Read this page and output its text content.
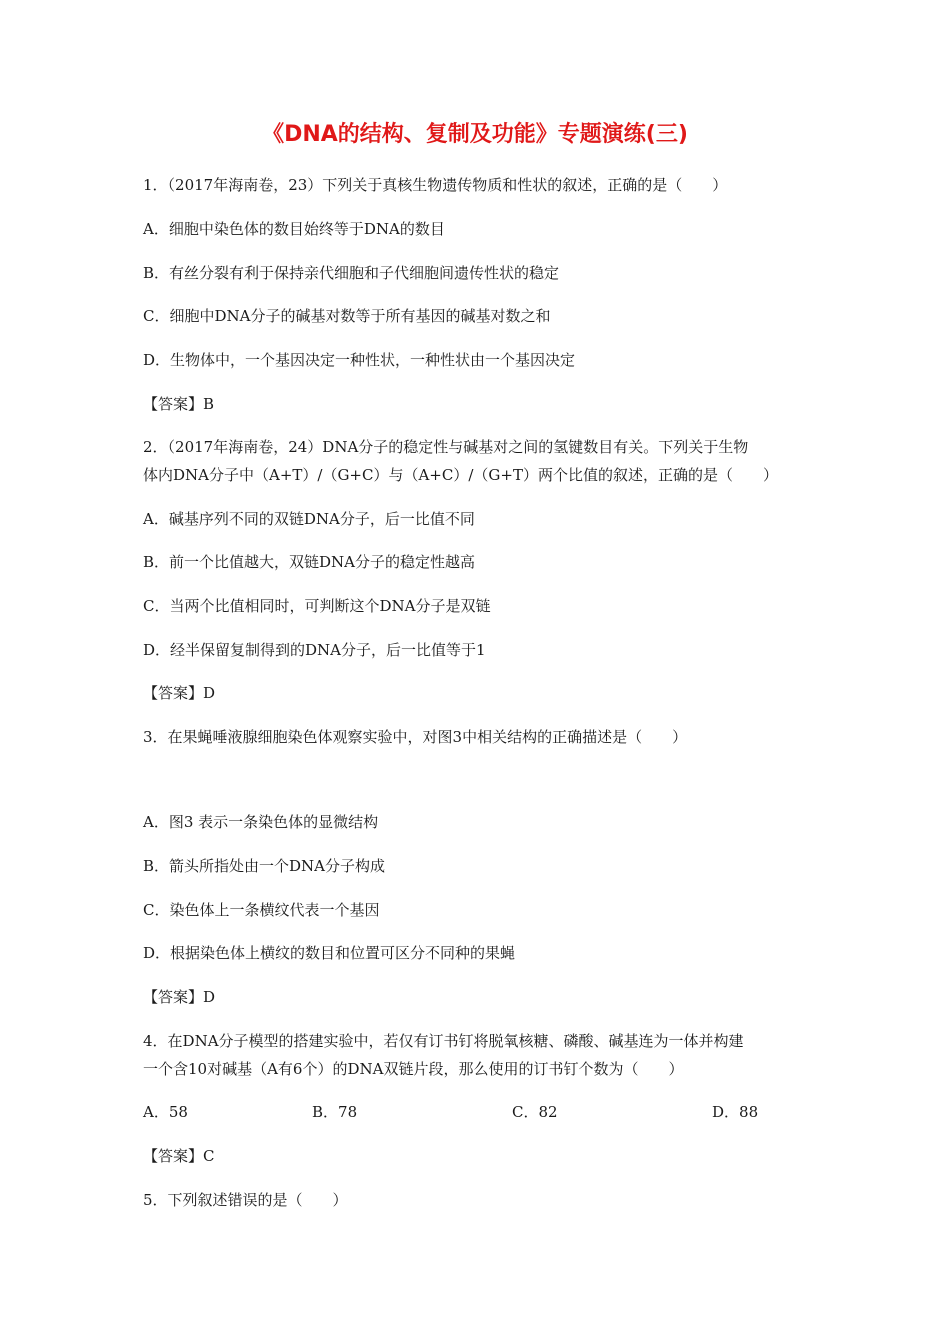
《DNA的结构、复制及功能》专题演练(三)
1．（2017年海南卷，23）下列关于真核生物遗传物质和性状的叙述，正确的是（　　）
A．细胞中染色体的数目始终等于DNA的数目
B．有丝分裂有利于保持亲代细胞和子代细胞间遗传性状的稳定
C．细胞中DNA分子的碱基对数等于所有基因的碱基对数之和
D．生物体中，一个基因决定一种性状，一种性状由一个基因决定
【答案】B
2．（2017年海南卷，24）DNA分子的稳定性与碱基对之间的氢键数目有关。下列关于生物
体内DNA分子中（A+T）/（G+C）与（A+C）/（G+T）两个比值的叙述，正确的是（　　）
A．碱基序列不同的双链DNA分子，后一比值不同
B．前一个比值越大，双链DNA分子的稳定性越高
C．当两个比值相同时，可判断这个DNA分子是双链
D．经半保留复制得到的DNA分子，后一比值等于1
【答案】D
3．在果蝇唾液腺细胞染色体观察实验中，对图3中相关结构的正确描述是（　　）
A．图3 表示一条染色体的显微结构
B．箭头所指处由一个DNA分子构成
C．染色体上一条横纹代表一个基因
D．根据染色体上横纹的数目和位置可区分不同种的果蝇
【答案】D
4．在DNA分子模型的搭建实验中，若仅有订书钉将脱氧核糖、磷酸、碱基连为一体并构建
一个含10对碱基（A有6个）的DNA双链片段，那么使用的订书钉个数为（　　）
A．58	B．78	C．82	D．88
【答案】C
5．下列叙述错误的是（　　）
